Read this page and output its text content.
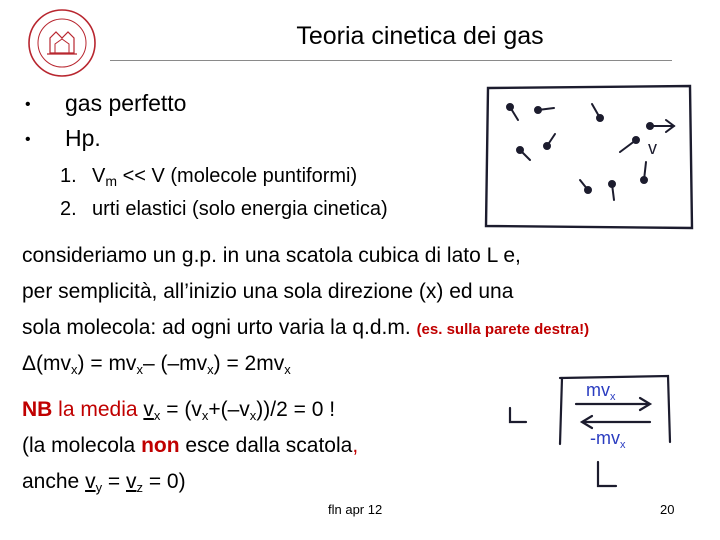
Teoria cinetica dei gas
• gas perfetto
• Hp.
1. $V_m << V$ (molecole puntiformi)
2. urti elastici (solo energia cinetica)
v
consideriamo un g.p. in una scatola cubica di lato L e,
per semplicità, all’inizio una sola direzione (x) ed una
sola molecola: ad ogni urto varia la q.d.m. (es. sulla parete destra!)
Δ(mvx) = mvx– (–mvx) = 2mvx
NB la media vx = (vx+(–vx))/2 = 0 !
(la molecola non esce dalla scatola,
anche vy = vz = 0)
$mv_x$
$-mv_x$
fln apr 12	20
